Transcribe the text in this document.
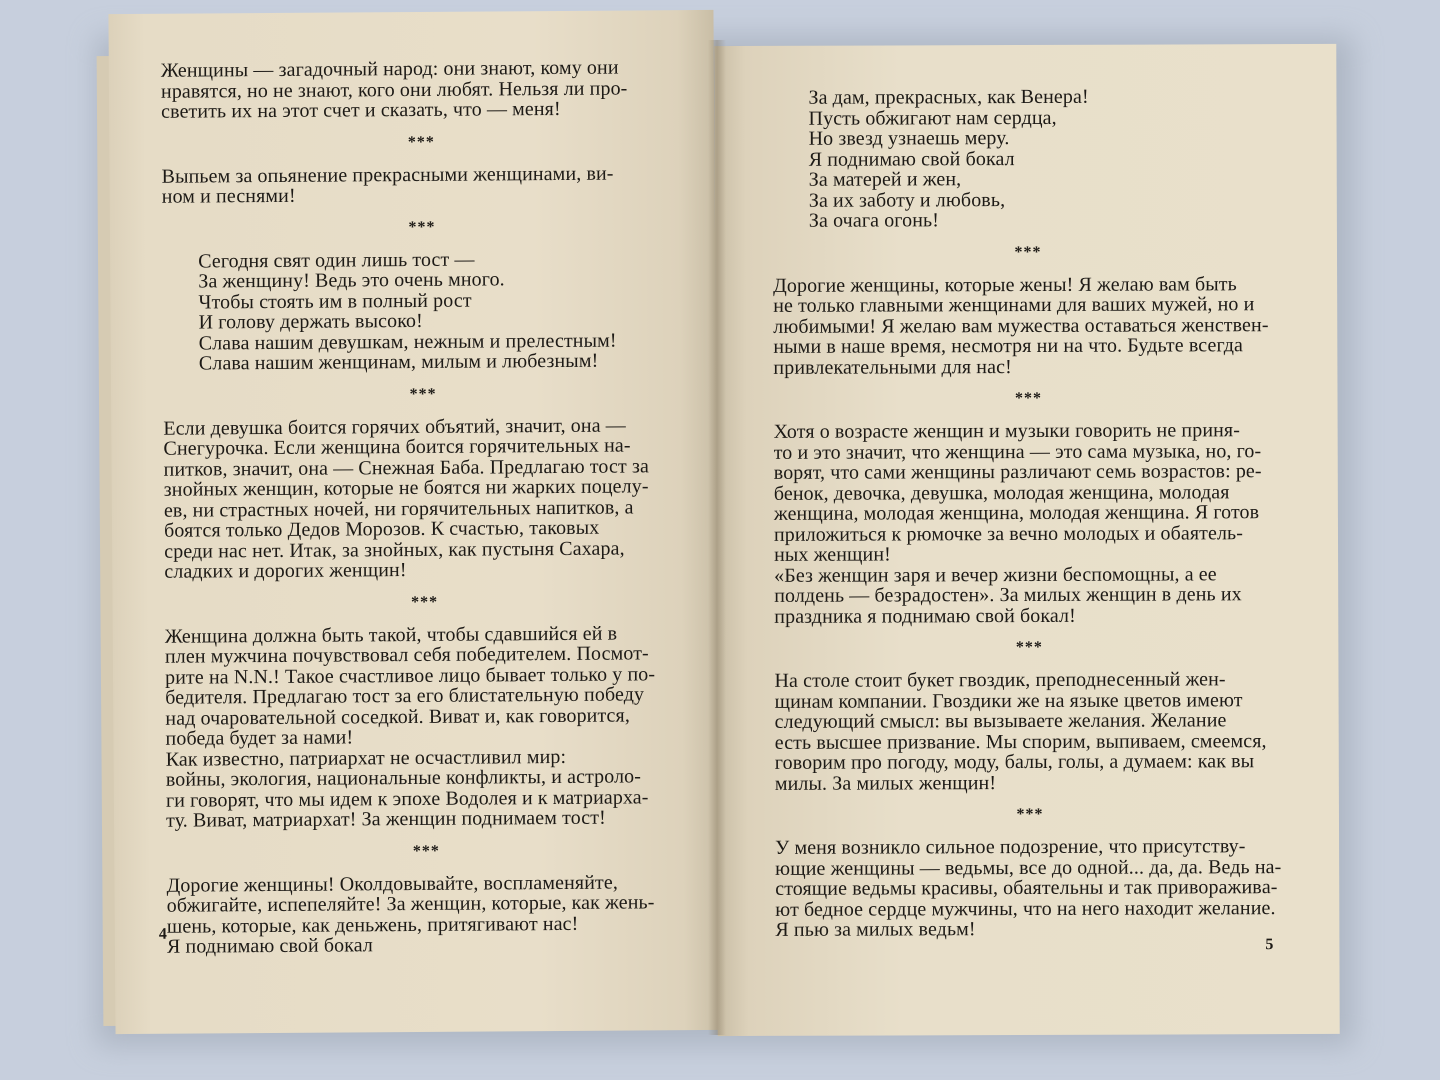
Женщины — загадочный народ: они знают, кому они
нравятся, но не знают, кого они любят. Нельзя ли про-
светить их на этот счет и сказать, что — меня!
***
Выпьем за опьянение прекрасными женщинами, ви-
ном и песнями!
***
Сегодня свят один лишь тост —
За женщину! Ведь это очень много.
Чтобы стоять им в полный рост
И голову держать высоко!
Слава нашим девушкам, нежным и прелестным!
Слава нашим женщинам, милым и любезным!
***
Если девушка боится горячих объятий, значит, она —
Снегурочка. Если женщина боится горячительных на-
питков, значит, она — Снежная Баба. Предлагаю тост за
знойных женщин, которые не боятся ни жарких поцелу-
ев, ни страстных ночей, ни горячительных напитков, а
боятся только Дедов Морозов. К счастью, таковых
среди нас нет. Итак, за знойных, как пустыня Сахара,
сладких и дорогих женщин!
***
Женщина должна быть такой, чтобы сдавшийся ей в
плен мужчина почувствовал себя победителем. Посмот-
рите на N.N.! Такое счастливое лицо бывает только у по-
бедителя. Предлагаю тост за его блистательную победу
над очаровательной соседкой. Виват и, как говорится,
победа будет за нами!
Как известно, патриархат не осчастливил мир:
войны, экология, национальные конфликты, и астроло-
ги говорят, что мы идем к эпохе Водолея и к матриарха-
ту. Виват, матриархат! За женщин поднимаем тост!
***
Дорогие женщины! Околдовывайте, воспламеняйте,
обжигайте, испепеляйте! За женщин, которые, как жень-
шень, которые, как деньжень, притягивают нас!
Я поднимаю свой бокал
4
За дам, прекрасных, как Венера!
Пусть обжигают нам сердца,
Но звезд узнаешь меру.
Я поднимаю свой бокал
За матерей и жен,
За их заботу и любовь,
За очага огонь!
***
Дорогие женщины, которые жены! Я желаю вам быть
не только главными женщинами для ваших мужей, но и
любимыми! Я желаю вам мужества оставаться женствен-
ными в наше время, несмотря ни на что. Будьте всегда
привлекательными для нас!
***
Хотя о возрасте женщин и музыки говорить не приня-
то и это значит, что женщина — это сама музыка, но, го-
ворят, что сами женщины различают семь возрастов: ре-
бенок, девочка, девушка, молодая женщина, молодая
женщина, молодая женщина, молодая женщина. Я готов
приложиться к рюмочке за вечно молодых и обаятель-
ных женщин!
«Без женщин заря и вечер жизни беспомощны, а ее
полдень — безрадостен». За милых женщин в день их
праздника я поднимаю свой бокал!
***
На столе стоит букет гвоздик, преподнесенный жен-
щинам компании. Гвоздики же на языке цветов имеют
следующий смысл: вы вызываете желания. Желание
есть высшее призвание. Мы спорим, выпиваем, смеемся,
говорим про погоду, моду, балы, голы, а думаем: как вы
милы. За милых женщин!
***
У меня возникло сильное подозрение, что присутству-
ющие женщины — ведьмы, все до одной... да, да. Ведь на-
стоящие ведьмы красивы, обаятельны и так привораживa-
ют бедное сердце мужчины, что на него находит желание.
Я пью за милых ведьм!
5
